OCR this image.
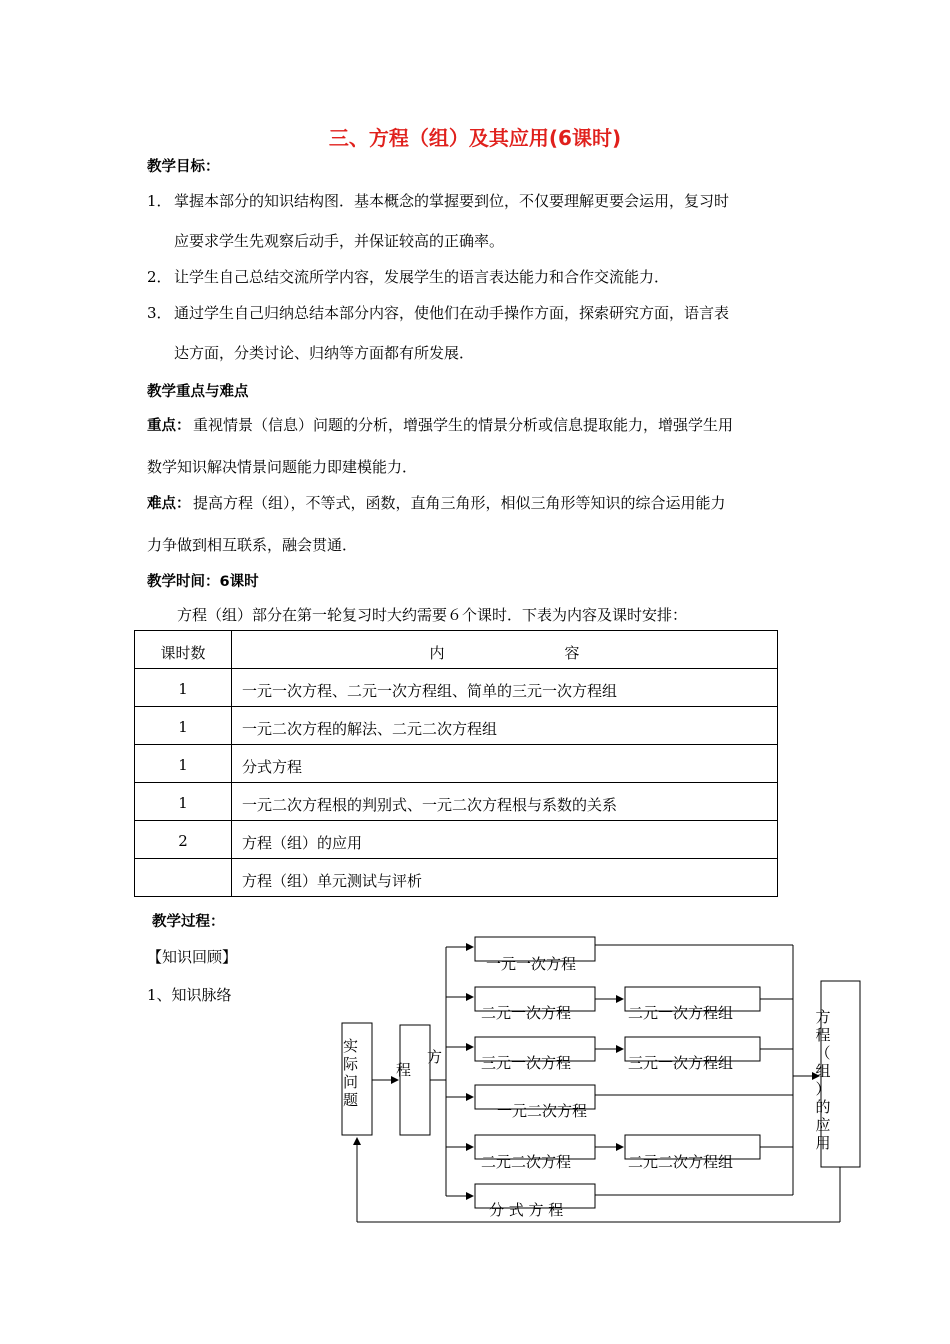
三、方程（组）及其应用(6课时)
教学目标：
1． 掌握本部分的知识结构图．基本概念的掌握要到位，不仅要理解更要会运用，复习时
应要求学生先观察后动手，并保证较高的正确率。
2． 让学生自己总结交流所学内容，发展学生的语言表达能力和合作交流能力．
3． 通过学生自己归纳总结本部分内容，使他们在动手操作方面，探索研究方面，语言表
达方面，分类讨论、归纳等方面都有所发展．
教学重点与难点
重点： 重视情景（信息）问题的分析，增强学生的情景分析或信息提取能力，增强学生用
数学知识解决情景问题能力即建模能力．
难点： 提高方程（组），不等式，函数，直角三角形，相似三角形等知识的综合运用能力
力争做到相互联系，融会贯通．
教学时间：6课时
方程（组）部分在第一轮复习时大约需要６个课时．下表为内容及课时安排：
课时数	内 容
1	一元一次方程、二元一次方程组、简单的三元一次方程组
1	一元二次方程的解法、二元二次方程组
1	分式方程
1	一元二次方程根的判别式、一元二次方程根与系数的关系
2	方程（组）的应用
	方程（组）单元测试与评析
教学过程：
【知识回顾】
1、知识脉络
实
际
问
题
方
程
一元一次方程
二元一次方程
三元一次方程
一元二次方程
二元二次方程
分 式 方 程
二元一次方程组
三元一次方程组
二元二次方程组
方
程
（
组
）
的
应
用
